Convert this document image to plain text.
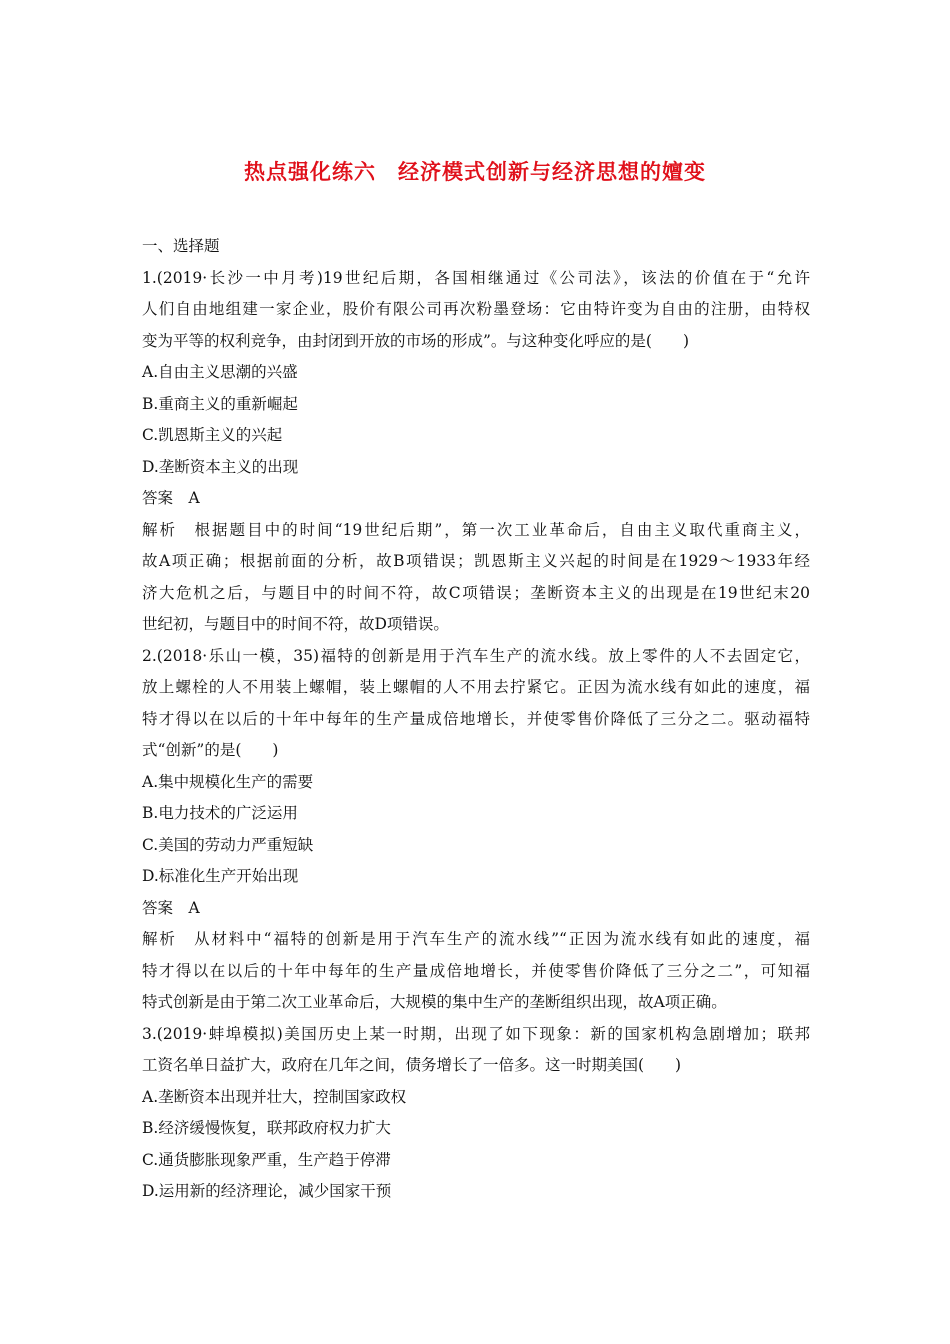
热点强化练六　经济模式创新与经济思想的嬗变
一、选择题
1.(2019·长沙一中月考)19世纪后期，各国相继通过《公司法》，该法的价值在于“允许
人们自由地组建一家企业，股价有限公司再次粉墨登场：它由特许变为自由的注册，由特权
变为平等的权利竞争，由封闭到开放的市场的形成”。与这种变化呼应的是(　　)
A.自由主义思潮的兴盛
B.重商主义的重新崛起
C.凯恩斯主义的兴起
D.垄断资本主义的出现
答案　A
解析　根据题目中的时间“19世纪后期”，第一次工业革命后，自由主义取代重商主义，
故A项正确；根据前面的分析，故B项错误；凯恩斯主义兴起的时间是在1929～1933年经
济大危机之后，与题目中的时间不符，故C项错误；垄断资本主义的出现是在19世纪末20
世纪初，与题目中的时间不符，故D项错误。
2.(2018·乐山一模，35)福特的创新是用于汽车生产的流水线。放上零件的人不去固定它，
放上螺栓的人不用装上螺帽，装上螺帽的人不用去拧紧它。正因为流水线有如此的速度，福
特才得以在以后的十年中每年的生产量成倍地增长，并使零售价降低了三分之二。驱动福特
式“创新”的是(　　)
A.集中规模化生产的需要
B.电力技术的广泛运用
C.美国的劳动力严重短缺
D.标准化生产开始出现
答案　A
解析　从材料中“福特的创新是用于汽车生产的流水线”“正因为流水线有如此的速度，福
特才得以在以后的十年中每年的生产量成倍地增长，并使零售价降低了三分之二”，可知福
特式创新是由于第二次工业革命后，大规模的集中生产的垄断组织出现，故A项正确。
3.(2019·蚌埠模拟)美国历史上某一时期，出现了如下现象：新的国家机构急剧增加；联邦
工资名单日益扩大，政府在几年之间，债务增长了一倍多。这一时期美国(　　)
A.垄断资本出现并壮大，控制国家政权
B.经济缓慢恢复，联邦政府权力扩大
C.通货膨胀现象严重，生产趋于停滞
D.运用新的经济理论，减少国家干预
